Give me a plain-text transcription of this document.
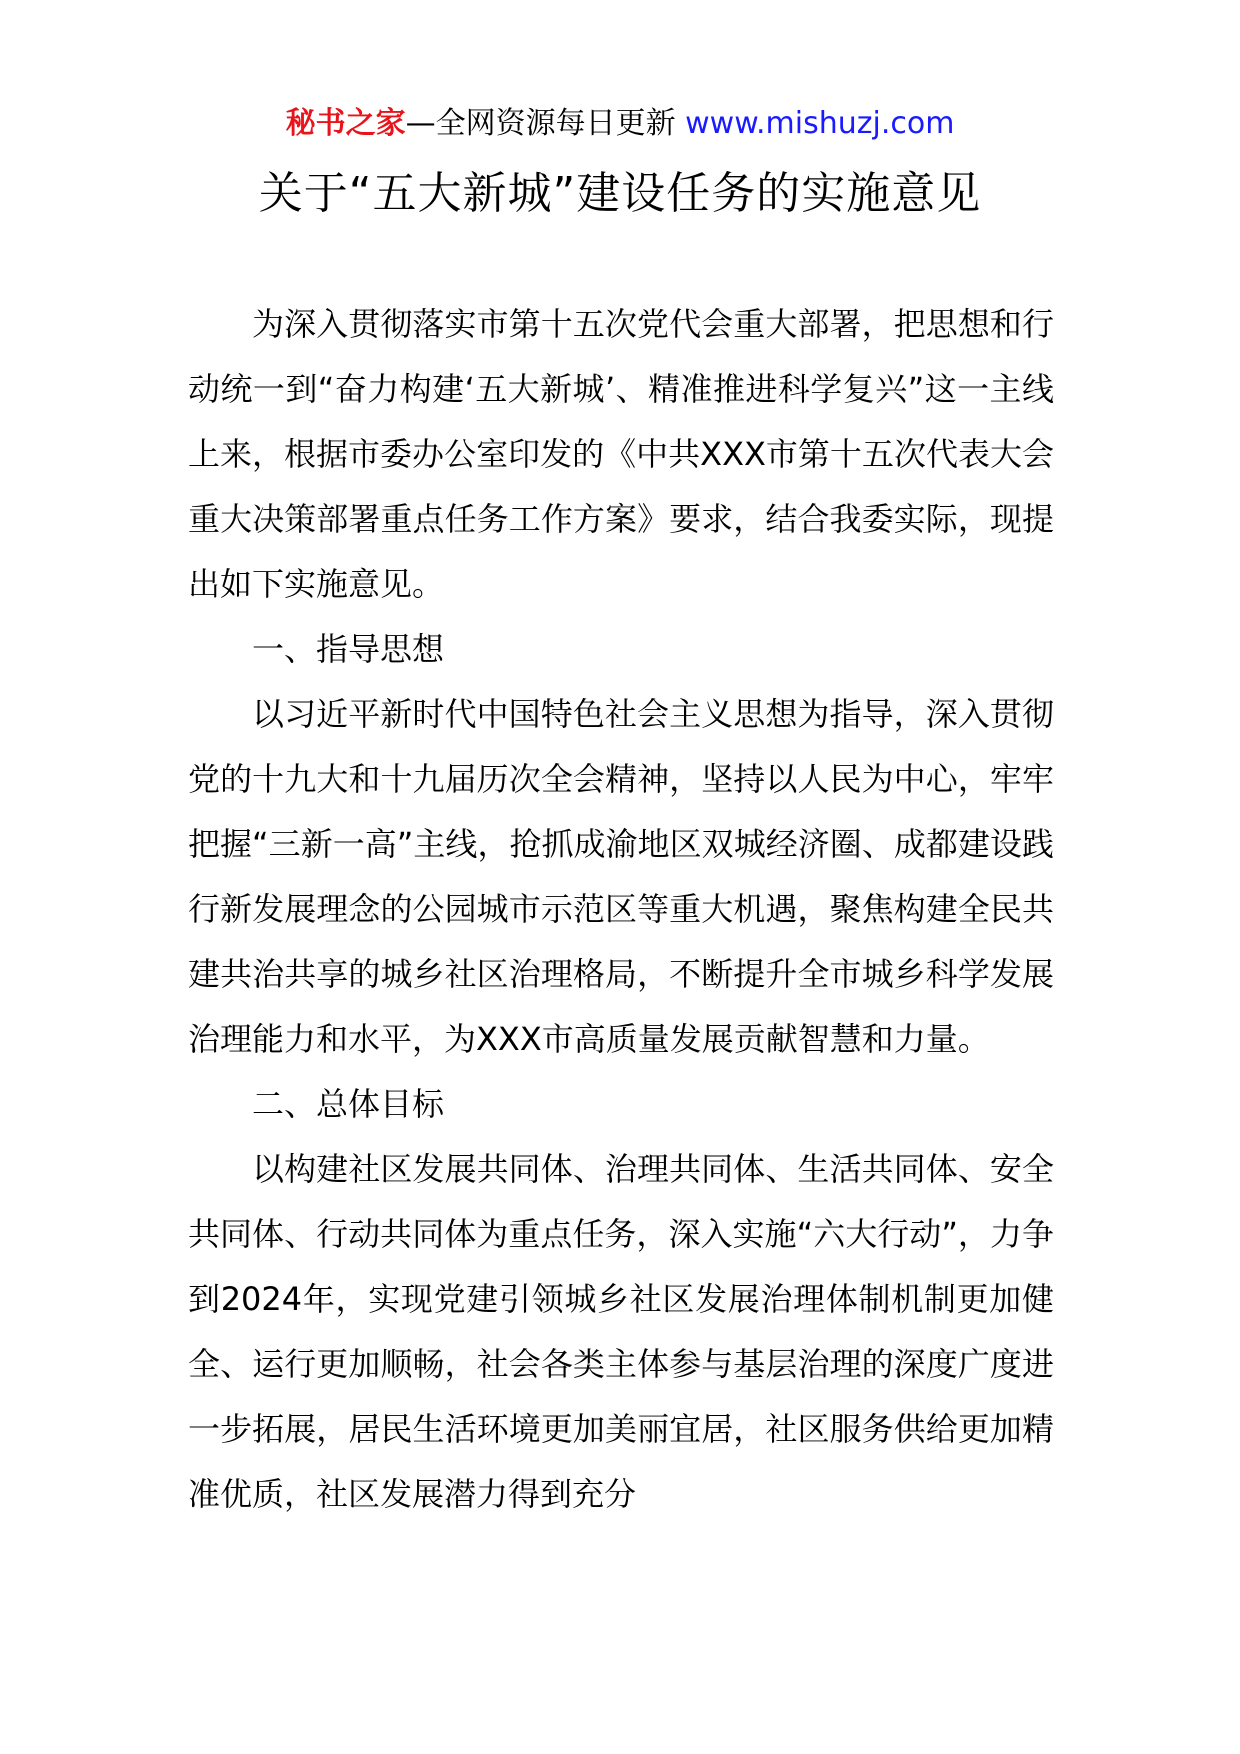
秘书之家—全网资源每日更新 www.mishuzj.com
关于“五大新城”建设任务的实施意见

为深入贯彻落实市第十五次党代会重大部署，把思想和行动统一到“奋力构建‘五大新城’、精准推进科学复兴”这一主线上来，根据市委办公室印发的《中共XXX市第十五次代表大会重大决策部署重点任务工作方案》要求，结合我委实际，现提出如下实施意见。

一、指导思想

以习近平新时代中国特色社会主义思想为指导，深入贯彻党的十九大和十九届历次全会精神，坚持以人民为中心，牢牢把握“三新一高”主线，抢抓成渝地区双城经济圈、成都建设践行新发展理念的公园城市示范区等重大机遇，聚焦构建全民共建共治共享的城乡社区治理格局，不断提升全市城乡科学发展治理能力和水平，为XXX市高质量发展贡献智慧和力量。

二、总体目标

以构建社区发展共同体、治理共同体、生活共同体、安全共同体、行动共同体为重点任务，深入实施“六大行动”，力争到2024年，实现党建引领城乡社区发展治理体制机制更加健全、运行更加顺畅，社会各类主体参与基层治理的深度广度进一步拓展，居民生活环境更加美丽宜居，社区服务供给更加精准优质，社区发展潜力得到充分
